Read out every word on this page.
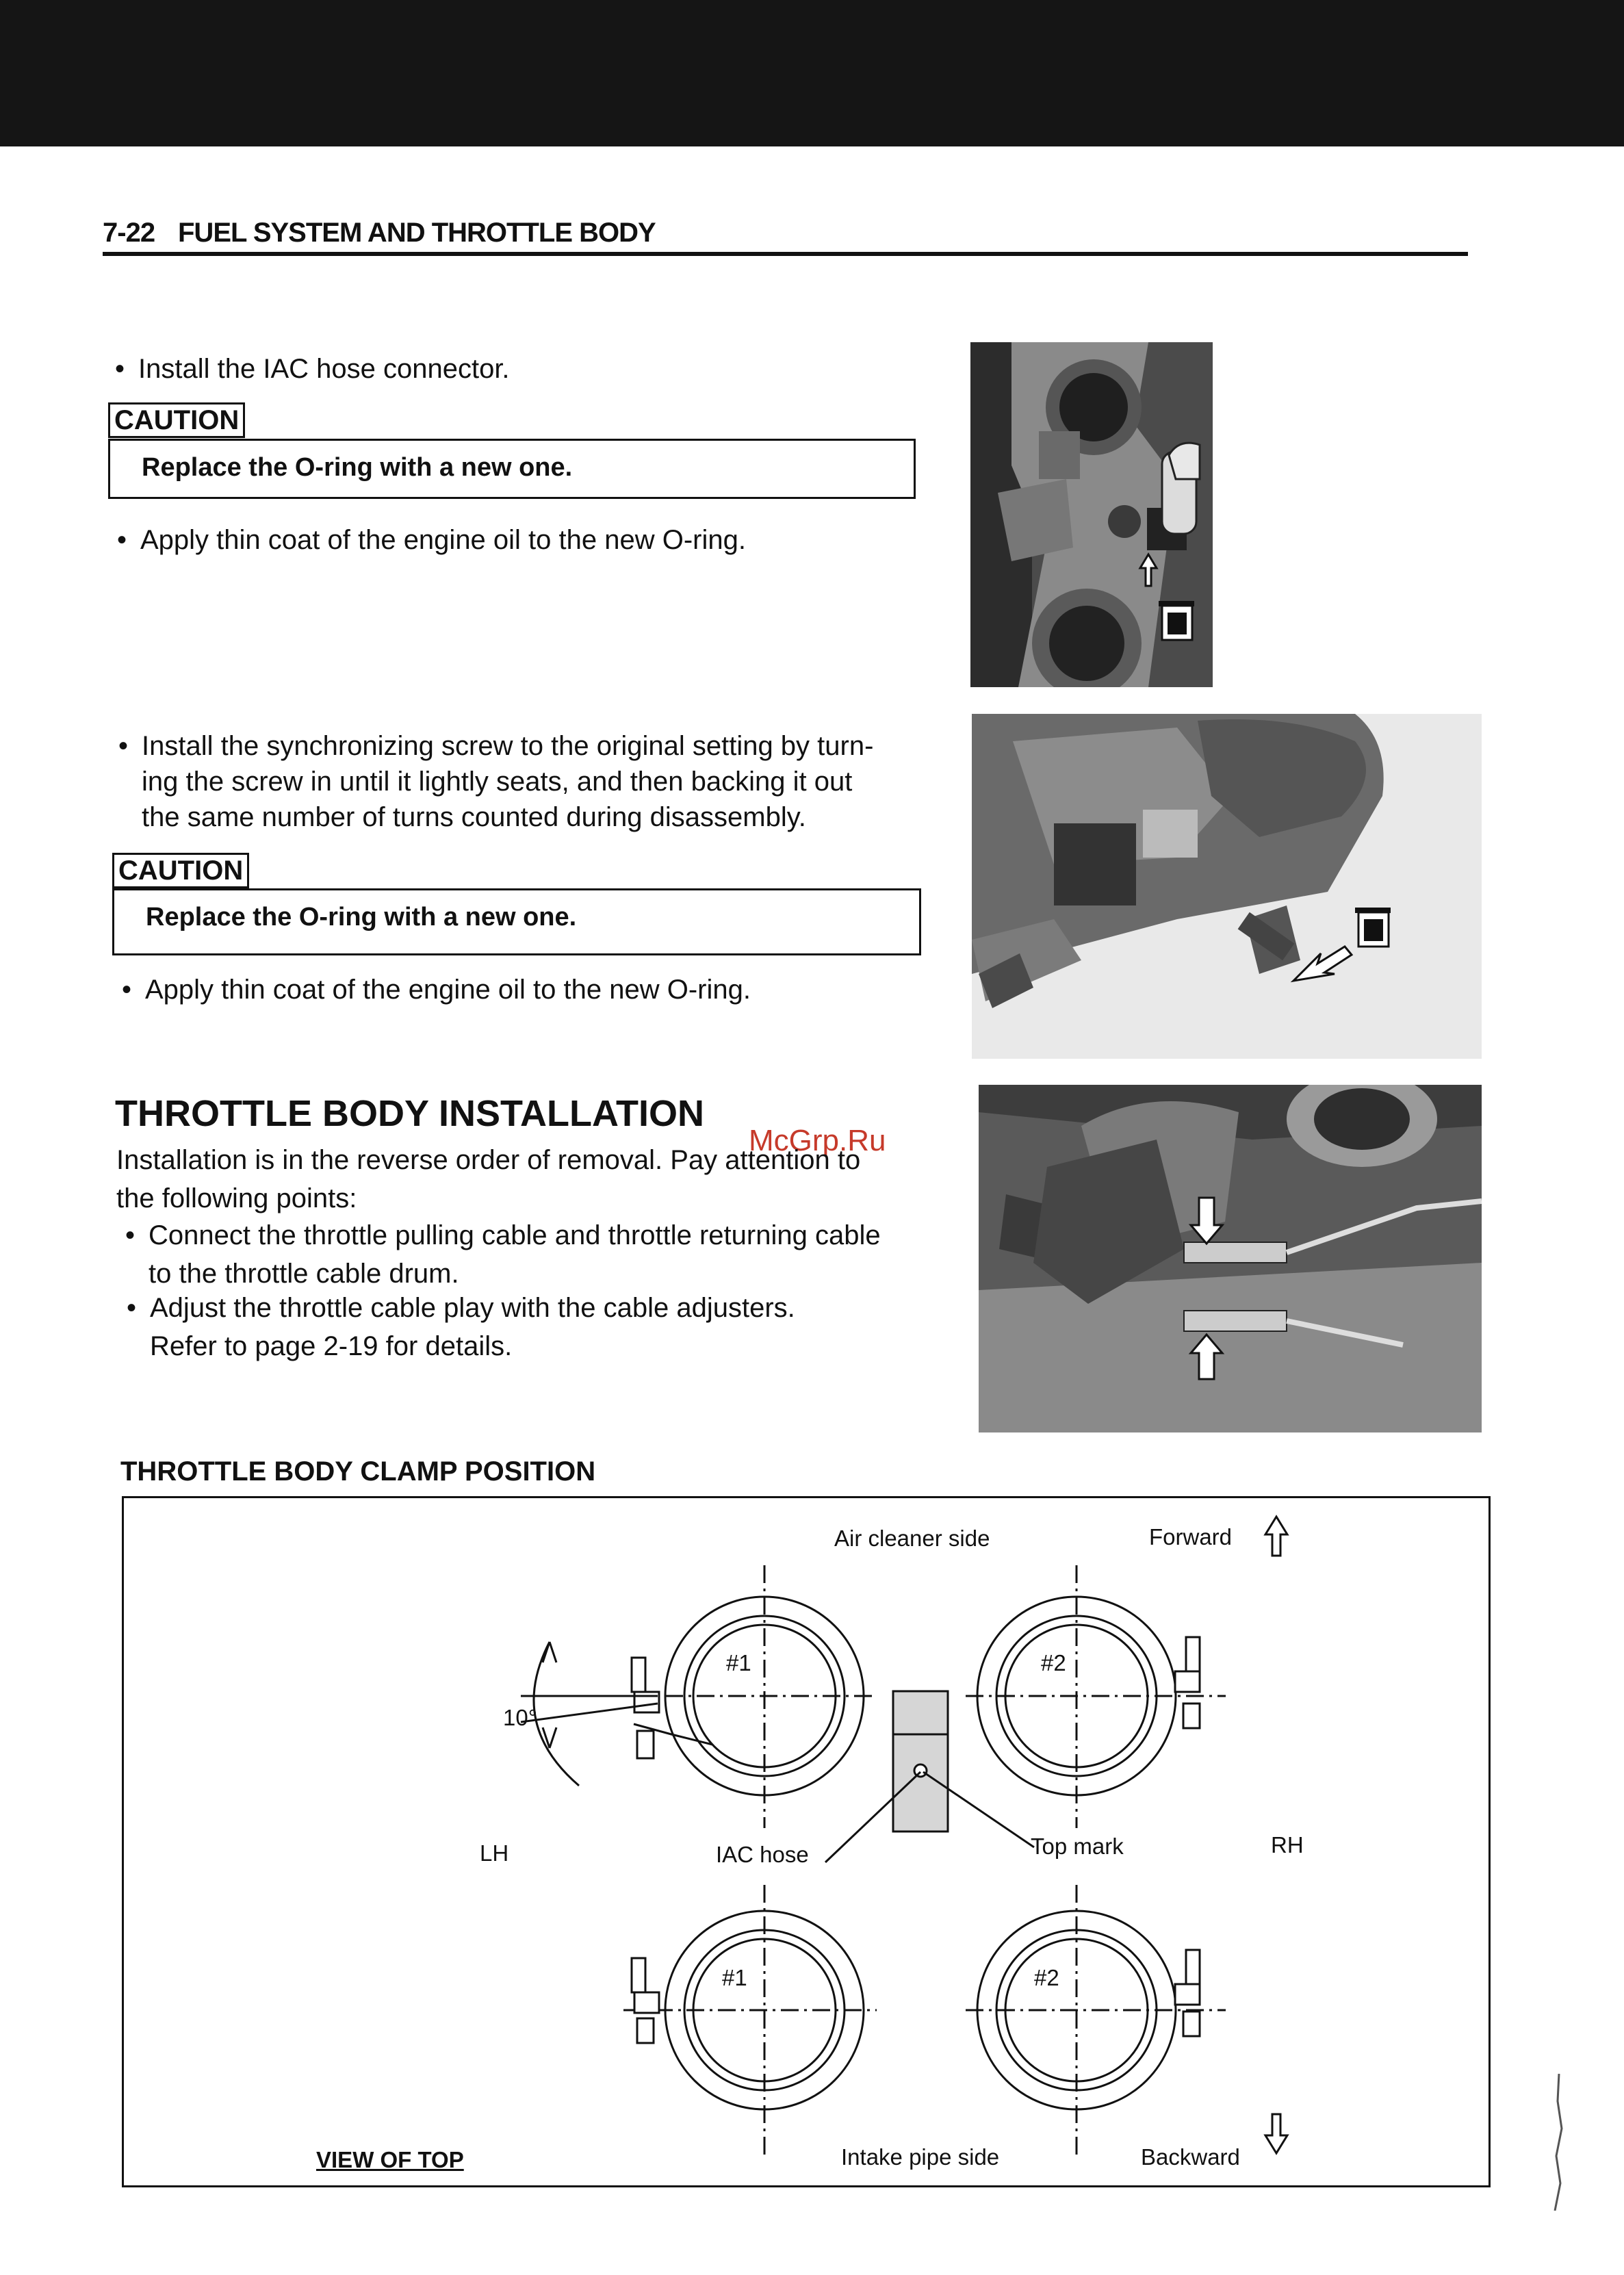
7-22 FUEL SYSTEM AND THROTTLE BODY
• Install the IAC hose connector.
CAUTION
Replace the O-ring with a new one.
• Apply thin coat of the engine oil to the new O-ring.
• Install the synchronizing screw to the original setting by turn-
ing the screw in until it lightly seats, and then backing it out
the same number of turns counted during disassembly.
CAUTION
Replace the O-ring with a new one.
• Apply thin coat of the engine oil to the new O-ring.
THROTTLE BODY INSTALLATION
McGrp.Ru
Installation is in the reverse order of removal. Pay attention to
the following points:
• Connect the throttle pulling cable and throttle returning cable
to the throttle cable drum.
• Adjust the throttle cable play with the cable adjusters.
Refer to page 2-19 for details.
THROTTLE BODY CLAMP POSITION
Air cleaner side	Forward
10°
#1	#2
LH	IAC hose	Top mark	RH
#1	#2
VIEW OF TOP	Intake pipe side	Backward
